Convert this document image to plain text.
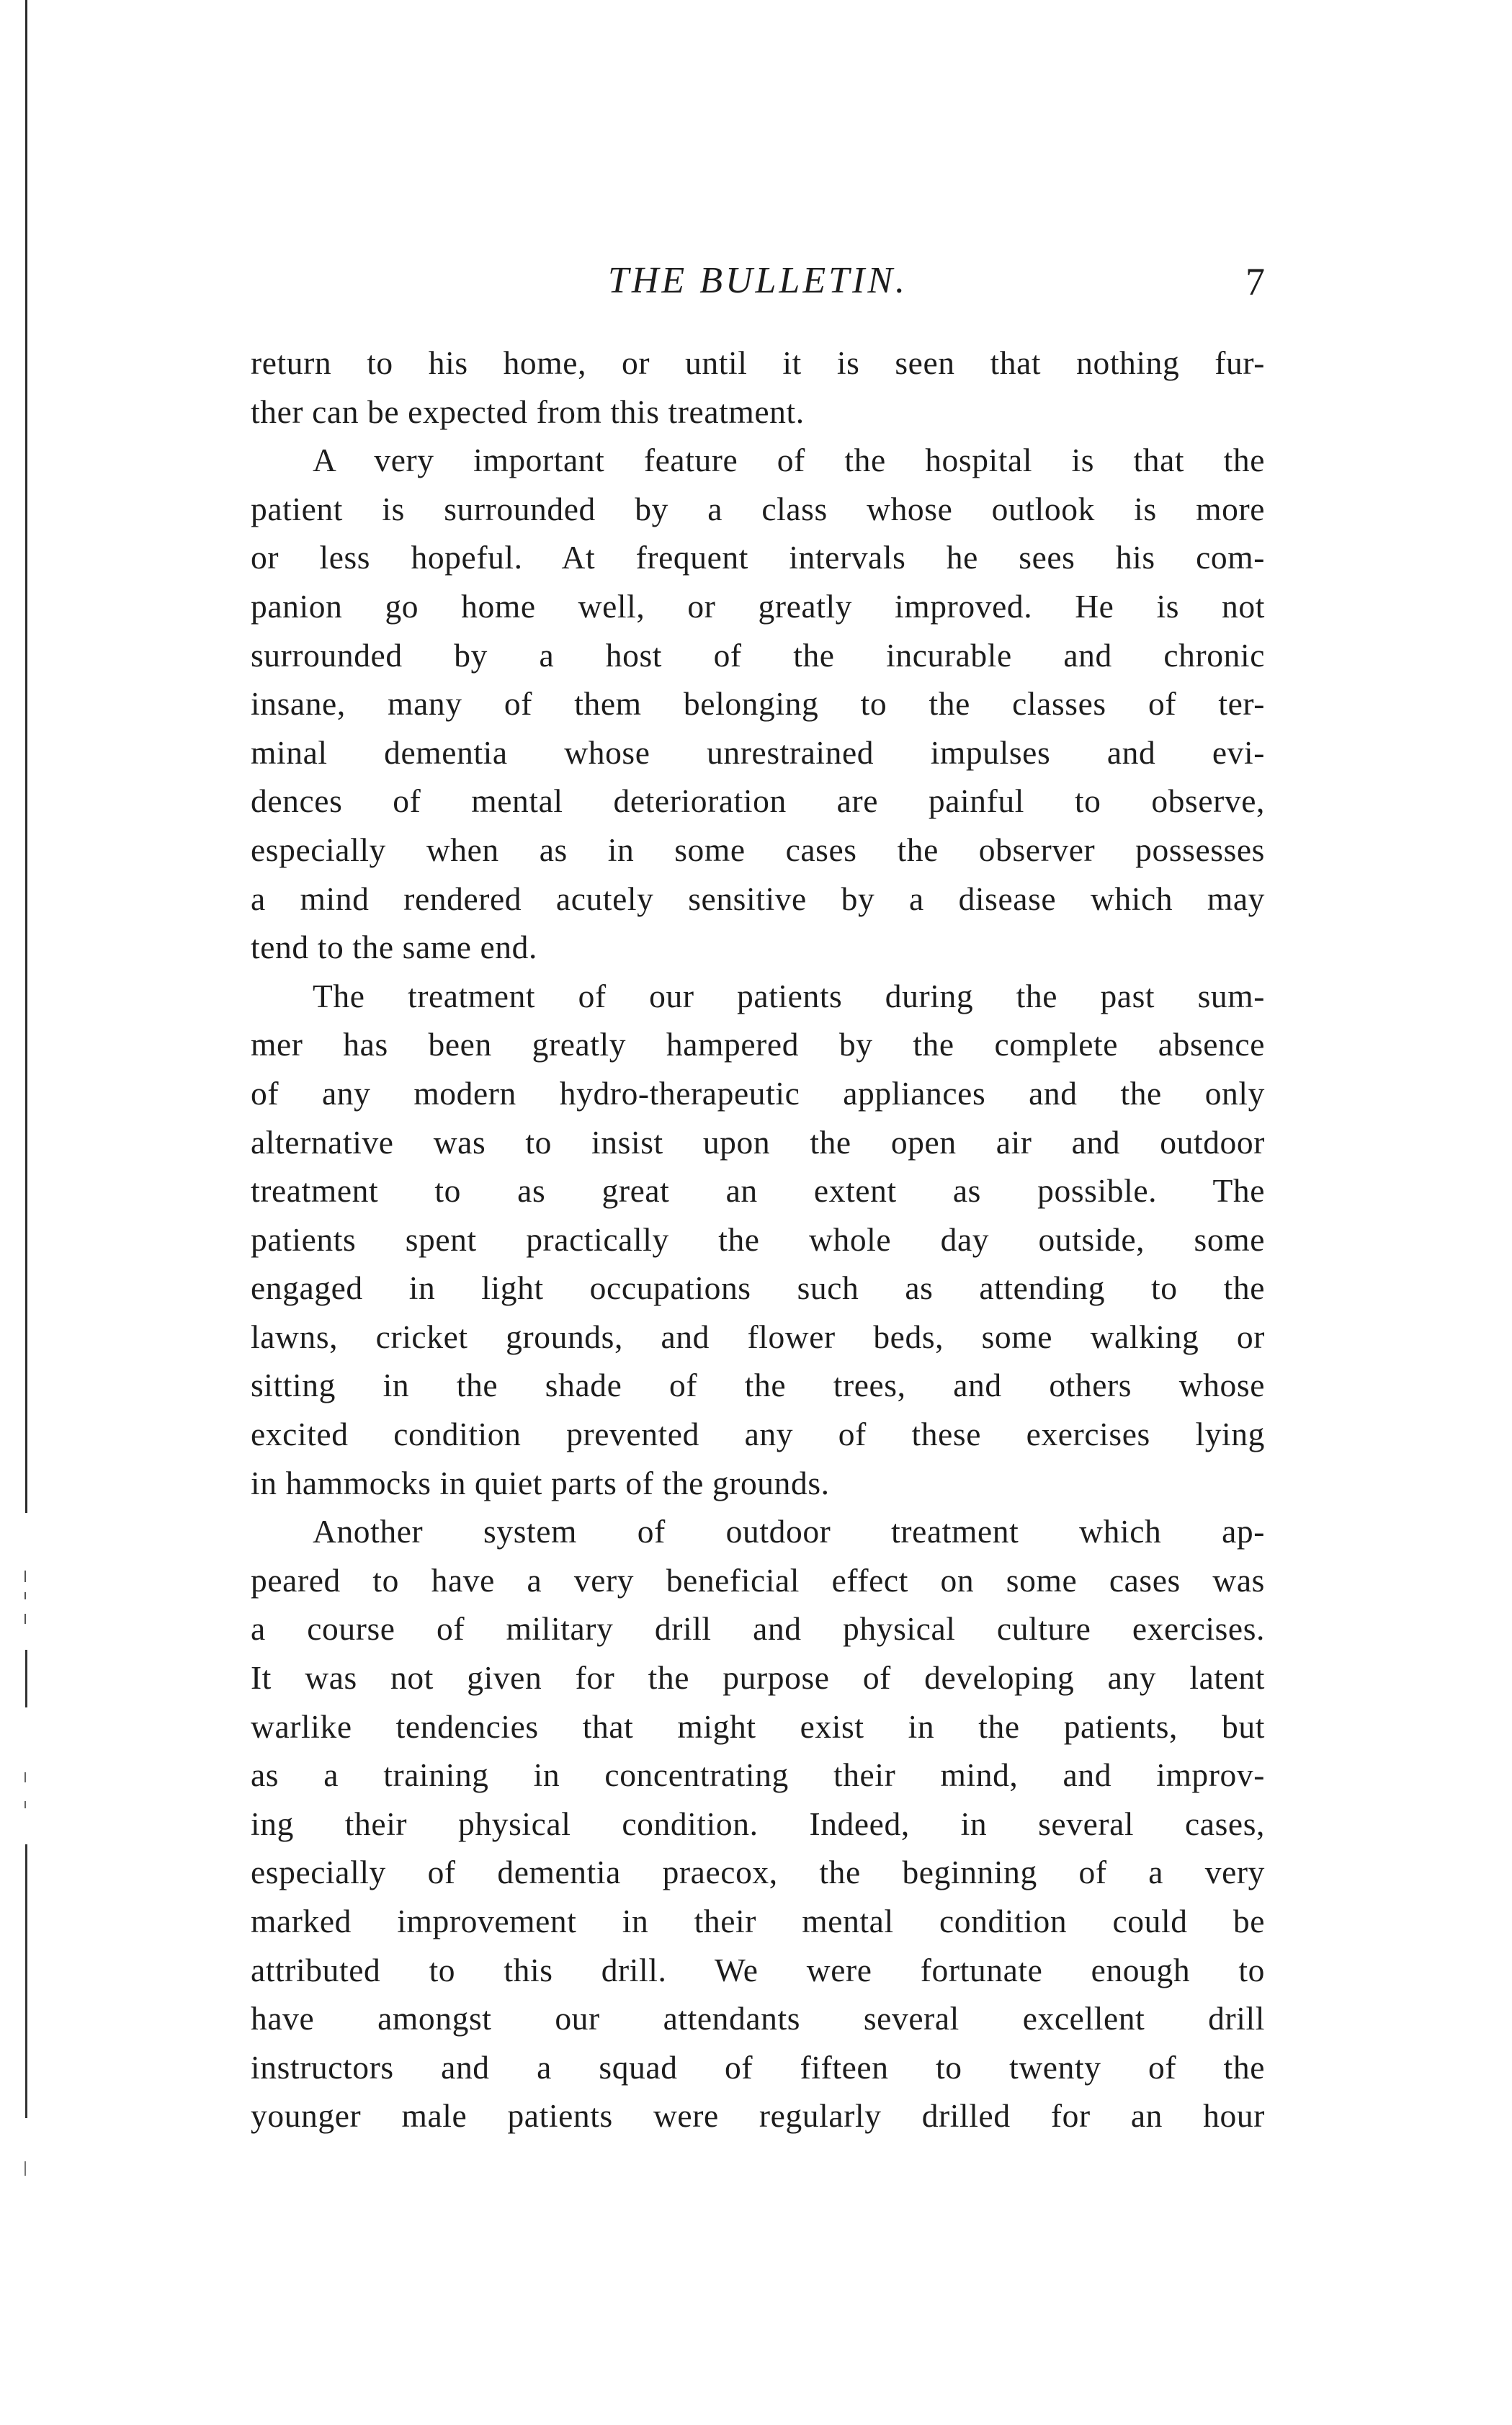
THE BULLETIN.	7
return to his home, or until it is seen that nothing fur-
ther can be expected from this treatment.
A very important feature of the hospital is that the
patient is surrounded by a class whose outlook is more
or less hopeful. At frequent intervals he sees his com-
panion go home well, or greatly improved. He is not
surrounded by a host of the incurable and chronic
insane, many of them belonging to the classes of ter-
minal dementia whose unrestrained impulses and evi-
dences of mental deterioration are painful to observe,
especially when as in some cases the observer possesses
a mind rendered acutely sensitive by a disease which may
tend to the same end.
The treatment of our patients during the past sum-
mer has been greatly hampered by the complete absence
of any modern hydro-therapeutic appliances and the only
alternative was to insist upon the open air and outdoor
treatment to as great an extent as possible. The
patients spent practically the whole day outside, some
engaged in light occupations such as attending to the
lawns, cricket grounds, and flower beds, some walking or
sitting in the shade of the trees, and others whose
excited condition prevented any of these exercises lying
in hammocks in quiet parts of the grounds.
Another system of outdoor treatment which ap-
peared to have a very beneficial effect on some cases was
a course of military drill and physical culture exercises.
It was not given for the purpose of developing any latent
warlike tendencies that might exist in the patients, but
as a training in concentrating their mind, and improv-
ing their physical condition. Indeed, in several cases,
especially of dementia praecox, the beginning of a very
marked improvement in their mental condition could be
attributed to this drill. We were fortunate enough to
have amongst our attendants several excellent drill
instructors and a squad of fifteen to twenty of the
younger male patients were regularly drilled for an hour
